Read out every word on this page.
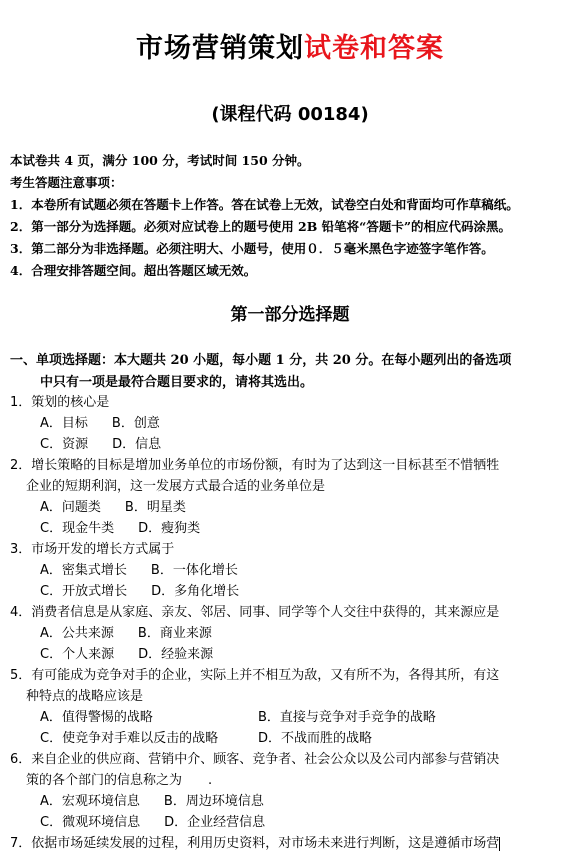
市场营销策划试卷和答案
(课程代码 00184)
本试卷共 4 页，满分 100 分，考试时间 150 分钟。
考生答题注意事项：
1．本卷所有试题必须在答题卡上作答。答在试卷上无效，试卷空白处和背面均可作草稿纸。
2．第一部分为选择题。必须对应试卷上的题号使用 2B 铅笔将“答题卡”的相应代码涂黑。
3．第二部分为非选择题。必须注明大、小题号，使用０．５毫米黑色字迹签字笔作答。
4．合理安排答题空间。超出答题区域无效。
第一部分选择题
一、单项选择题：本大题共 20 小题，每小题 1 分，共 20 分。在每小题列出的备选项
中只有一项是最符合题目要求的，请将其选出。
1．策划的核心是
A．目标 B．创意
C．资源 D．信息
2．增长策略的目标是增加业务单位的市场份额，有时为了达到这一目标甚至不惜牺牲
企业的短期利润，这一发展方式最合适的业务单位是
A．问题类 B．明星类
C．现金牛类 D．瘦狗类
3．市场开发的增长方式属于
A．密集式增长 B．一体化增长
C．开放式增长 D．多角化增长
4．消费者信息是从家庭、亲友、邻居、同事、同学等个人交往中获得的，其来源应是
A．公共来源 B．商业来源
C．个人来源 D．经验来源
5．有可能成为竞争对手的企业，实际上并不相互为敌，又有所不为，各得其所，有这
种特点的战略应该是
A．值得警惕的战略	B．直接与竞争对手竞争的战略
C．使竞争对手难以反击的战略	D．不战而胜的战略
6．来自企业的供应商、营销中介、顾客、竞争者、社会公众以及公司内部参与营销决
策的各个部门的信息称之为　　.
A．宏观环境信息 B．周边环境信息
C．微观环境信息 D．企业经营信息
7．依据市场延续发展的过程，利用历史资料，对市场未来进行判断，这是遵循市场营
